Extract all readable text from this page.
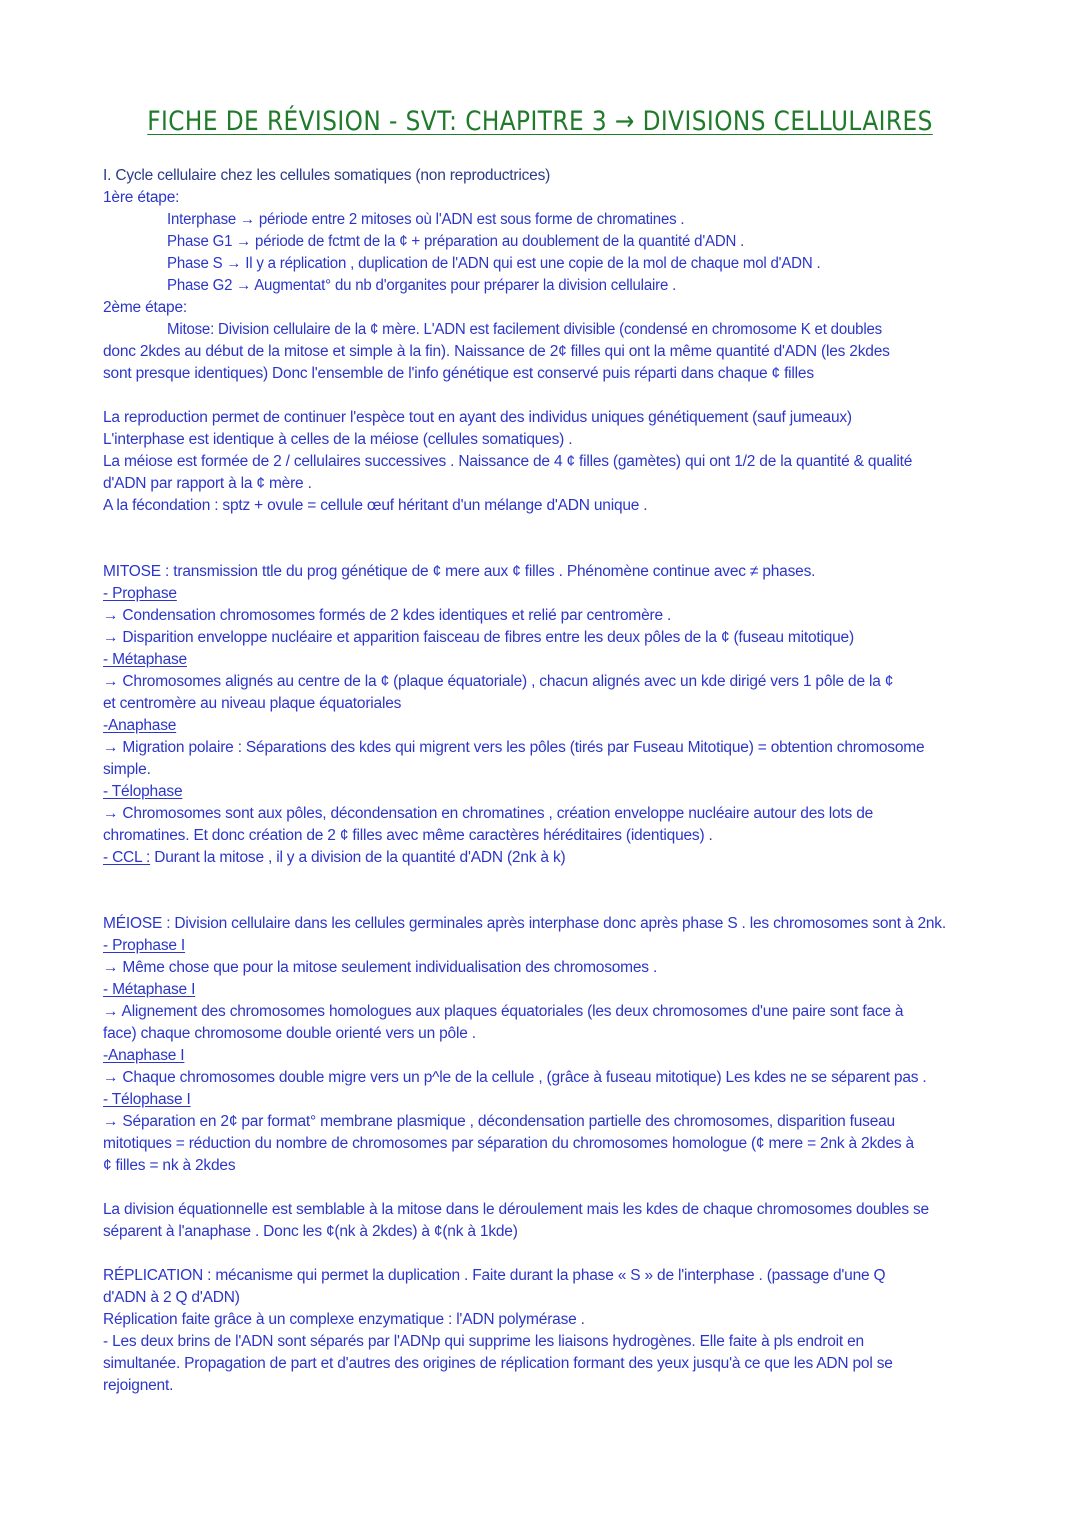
FICHE DE RÉVISION - SVT: CHAPITRE 3 → DIVISIONS CELLULAIRES
I. Cycle cellulaire chez les cellules somatiques (non reproductrices)
1ère étape:
Interphase → période entre 2 mitoses où l'ADN est sous forme de chromatines .
Phase G1 → période de fctmt de la ¢ + préparation au doublement de la quantité d'ADN .
Phase S → Il y a réplication , duplication de l'ADN qui est une copie de la mol de chaque mol d'ADN .
Phase G2 → Augmentat° du nb d'organites pour préparer la division cellulaire .
2ème étape:
Mitose: Division cellulaire de la ¢ mère. L'ADN est facilement divisible (condensé en chromosome K et doubles
donc 2kdes au début de la mitose et simple à la fin). Naissance de 2¢ filles qui ont la même quantité d'ADN (les 2kdes
sont presque identiques) Donc l'ensemble de l'info génétique est conservé puis réparti dans chaque ¢ filles
La reproduction permet de continuer l'espèce tout en ayant des individus uniques génétiquement (sauf jumeaux)
L'interphase est identique à celles de la méiose (cellules somatiques) .
La méiose est formée de 2 / cellulaires successives . Naissance de 4 ¢ filles (gamètes) qui ont 1/2 de la quantité & qualité
d'ADN par rapport à la ¢ mère .
A la fécondation : sptz + ovule = cellule œuf héritant d'un mélange d'ADN unique .
MITOSE : transmission ttle du prog génétique de ¢ mere aux ¢ filles . Phénomène continue avec ≠ phases.
- Prophase
→ Condensation chromosomes formés de 2 kdes identiques et relié par centromère .
→ Disparition enveloppe nucléaire et apparition faisceau de fibres entre les deux pôles de la ¢ (fuseau mitotique)
- Métaphase
→ Chromosomes alignés au centre de la ¢ (plaque équatoriale) , chacun alignés avec un kde dirigé vers 1 pôle de la ¢
et centromère au niveau plaque équatoriales
-Anaphase
→ Migration polaire : Séparations des kdes qui migrent vers les pôles (tirés par Fuseau Mitotique) = obtention chromosome
simple.
- Télophase
→ Chromosomes sont aux pôles, décondensation en chromatines , création enveloppe nucléaire autour des lots de
chromatines. Et donc création de 2 ¢ filles avec même caractères héréditaires (identiques) .
- CCL : Durant la mitose , il y a division de la quantité d'ADN (2nk à k)
MÉIOSE : Division cellulaire dans les cellules germinales après interphase donc après phase S . les chromosomes sont à 2nk.
- Prophase I
→ Même chose que pour la mitose seulement individualisation des chromosomes .
- Métaphase I
→ Alignement des chromosomes homologues aux plaques équatoriales (les deux chromosomes d'une paire sont face à
face) chaque chromosome double orienté vers un pôle .
-Anaphase I
→ Chaque chromosomes double migre vers un p^le de la cellule , (grâce à fuseau mitotique) Les kdes ne se séparent pas .
- Télophase I
→ Séparation en 2¢ par format° membrane plasmique , décondensation partielle des chromosomes, disparition fuseau
mitotiques = réduction du nombre de chromosomes par séparation du chromosomes homologue (¢ mere = 2nk à 2kdes à
¢ filles = nk à 2kdes
La division équationnelle est semblable à la mitose dans le déroulement mais les kdes de chaque chromosomes doubles se
séparent à l'anaphase . Donc les ¢(nk à 2kdes) à ¢(nk à 1kde)
RÉPLICATION : mécanisme qui permet la duplication . Faite durant la phase « S » de l'interphase . (passage d'une Q
d'ADN à 2 Q d'ADN)
Réplication faite grâce à un complexe enzymatique : l'ADN polymérase .
- Les deux brins de l'ADN sont séparés par l'ADNp qui supprime les liaisons hydrogènes. Elle faite à pls endroit en
simultanée. Propagation de part et d'autres des origines de réplication formant des yeux jusqu'à ce que les ADN pol se
rejoignent.
